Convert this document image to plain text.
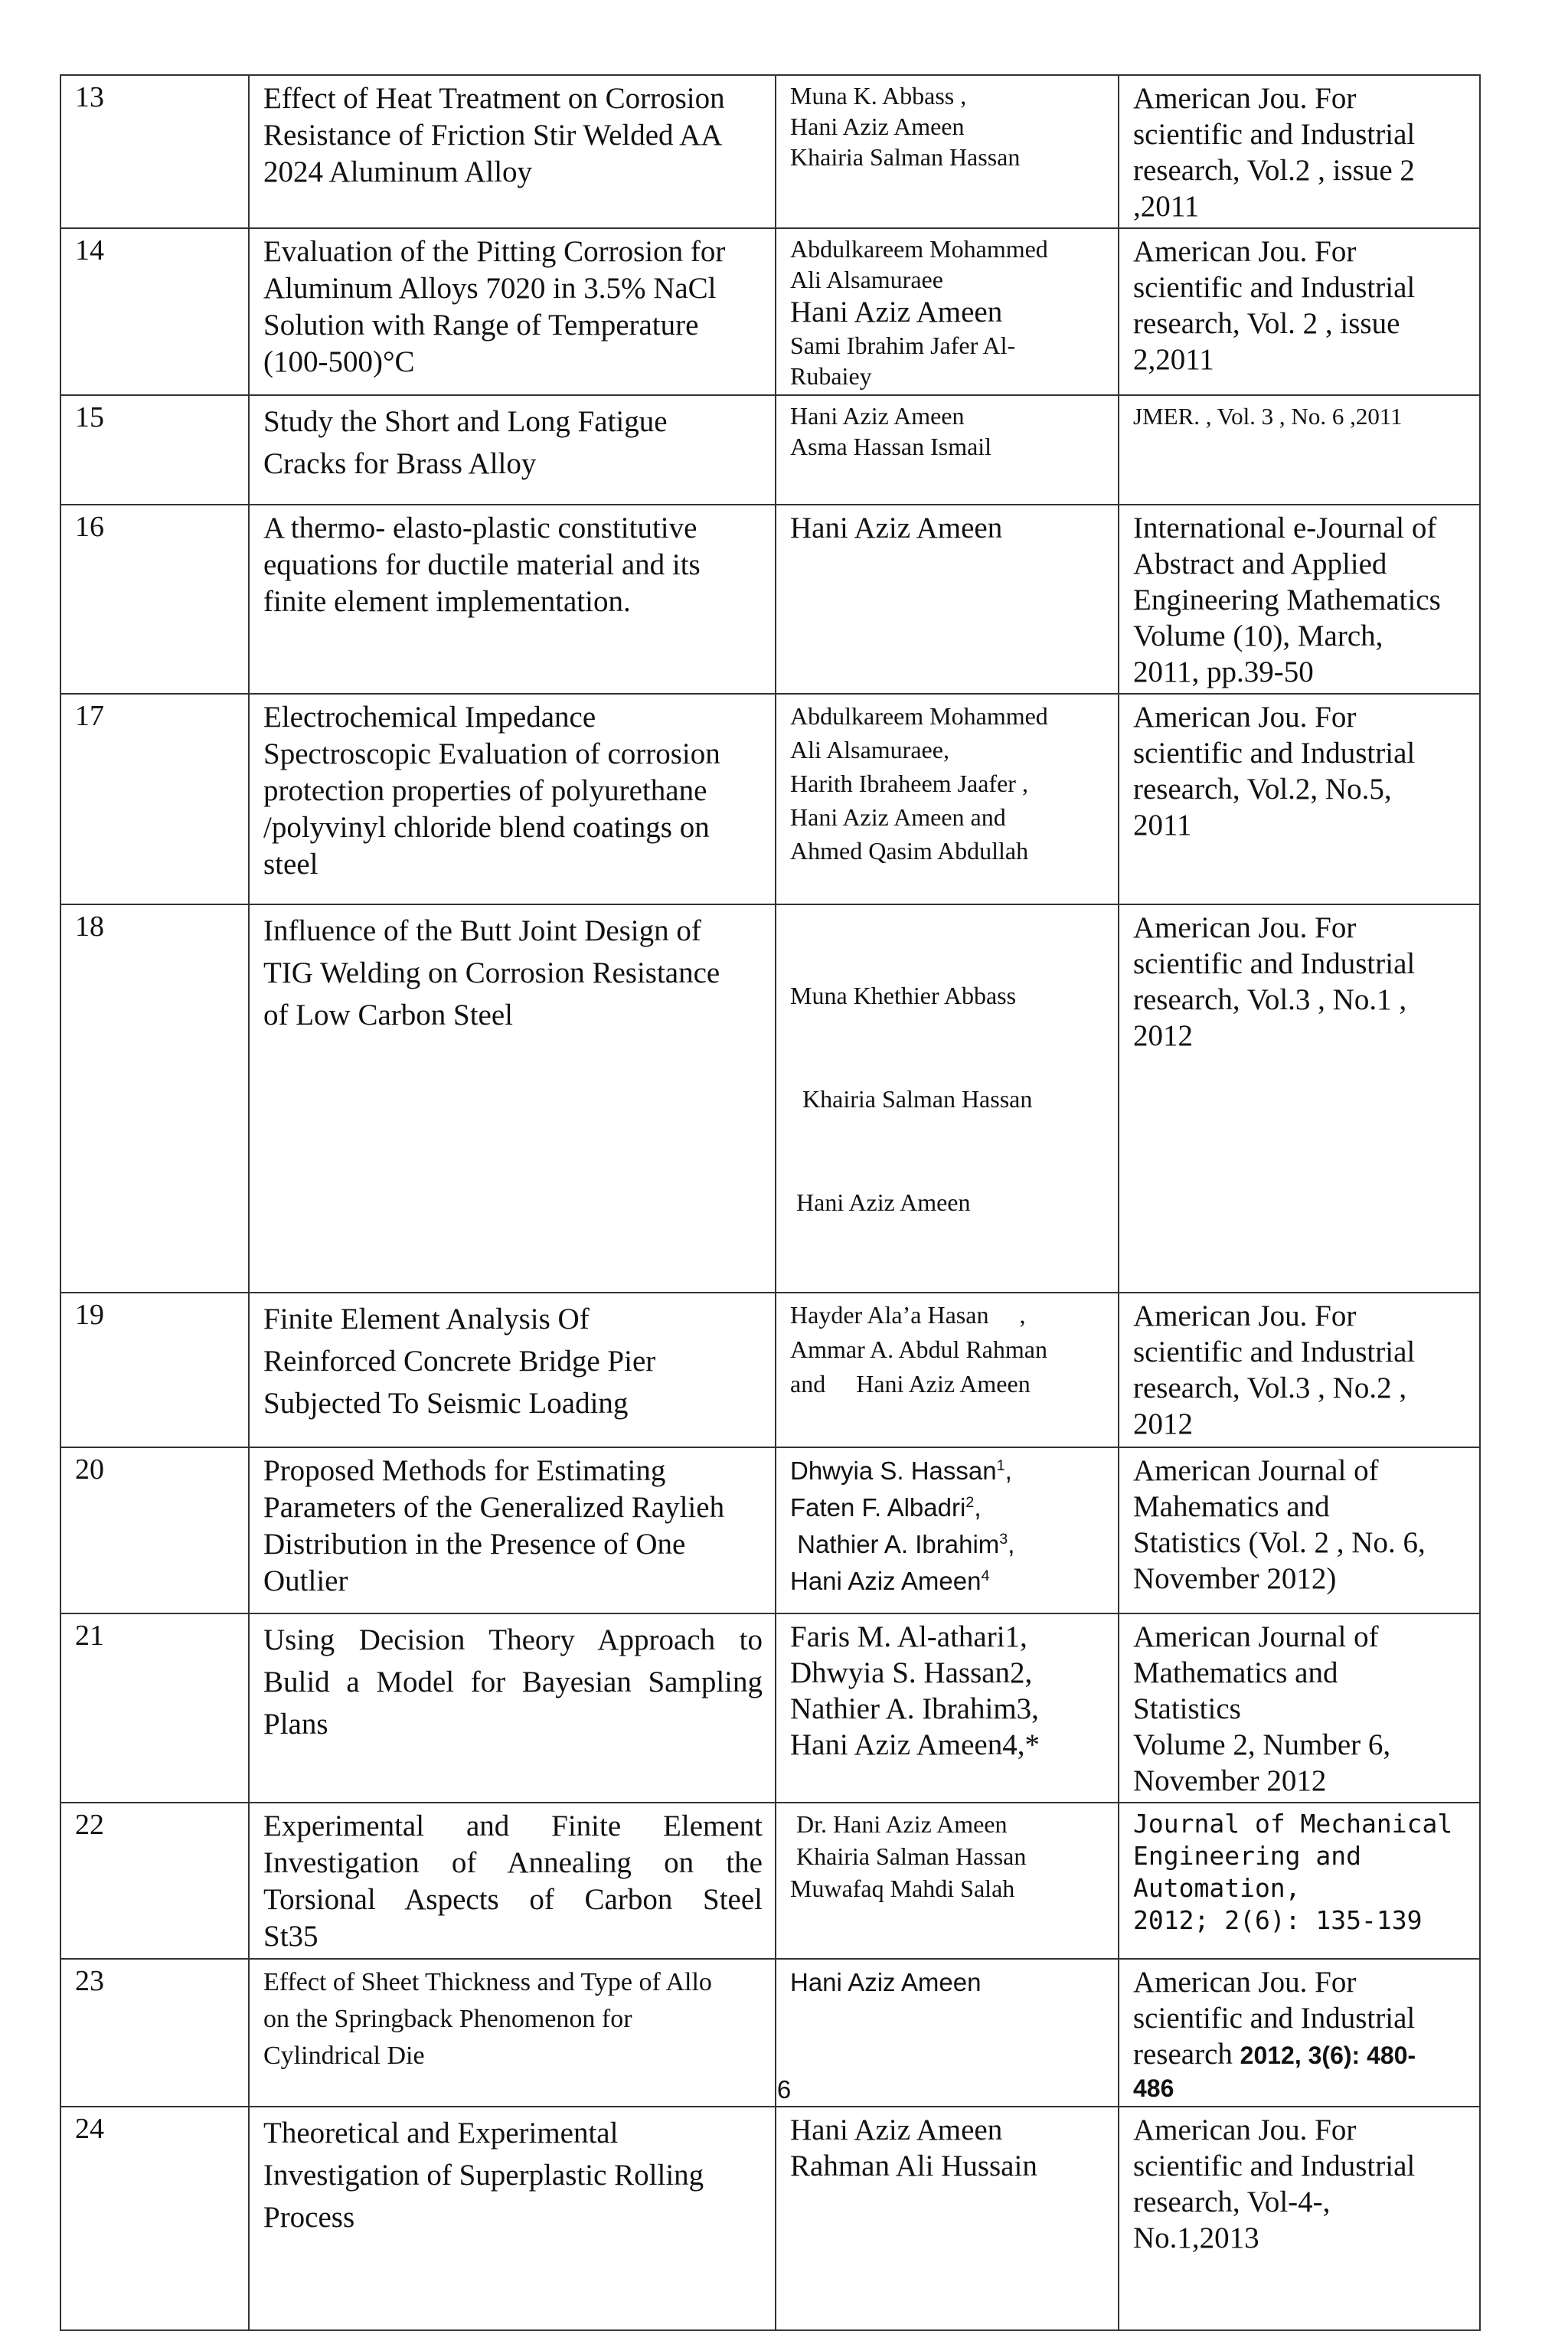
13	Effect of Heat Treatment on Corrosion
Resistance of Friction Stir Welded AA
2024 Aluminum Alloy	Muna K. Abbass ,
Hani Aziz Ameen
Khairia Salman Hassan	American Jou. For
scientific and Industrial
research, Vol.2 , issue 2
,2011

14	Evaluation of the Pitting Corrosion for
Aluminum Alloys 7020 in 3.5% NaCl
Solution with Range of Temperature
(100-500)°C	Abdulkareem Mohammed
Ali Alsamuraee
Hani Aziz Ameen
Sami Ibrahim Jafer Al-
Rubaiey	American Jou. For
scientific and Industrial
research, Vol. 2 , issue
2,2011

15	Study the Short and Long Fatigue
Cracks for Brass Alloy	Hani Aziz Ameen
Asma Hassan Ismail	JMER. , Vol. 3 , No. 6 ,2011

16	A thermo- elasto-plastic constitutive
equations for ductile material and its
finite element implementation.	Hani Aziz Ameen	International e-Journal of
Abstract and Applied
Engineering Mathematics
Volume (10), March,
2011, pp.39-50

17	Electrochemical Impedance
Spectroscopic Evaluation of corrosion
protection properties of polyurethane
/polyvinyl chloride blend coatings on
steel	Abdulkareem Mohammed
Ali Alsamuraee,
Harith Ibraheem Jaafer ,
Hani Aziz Ameen and
Ahmed Qasim Abdullah	American Jou. For
scientific and Industrial
research, Vol.2, No.5,
2011

18	Influence of the Butt Joint Design of
TIG Welding on Corrosion Resistance
of Low Carbon Steel	Muna Khethier Abbass

Khairia Salman Hassan

Hani Aziz Ameen	American Jou. For
scientific and Industrial
research, Vol.3 , No.1 ,
2012

19	Finite Element Analysis Of
Reinforced Concrete Bridge Pier
Subjected To Seismic Loading	Hayder Ala’a Hasan     ,
Ammar A. Abdul Rahman
and     Hani Aziz Ameen	American Jou. For
scientific and Industrial
research, Vol.3 , No.2 ,
2012

20	Proposed Methods for Estimating
Parameters of the Generalized Raylieh
Distribution in the Presence of One
Outlier	Dhwyia S. Hassan$^1$,
Faten F. Albadri$^2$,
Nathier A. Ibrahim$^3$,
Hani Aziz Ameen$^4$	American Journal of
Mahematics and
Statistics (Vol. 2 , No. 6,
November 2012)

21	Using Decision Theory Approach to
Bulid a Model for Bayesian Sampling
Plans	Faris M. Al-athari1,
Dhwyia S. Hassan2,
Nathier A. Ibrahim3,
Hani Aziz Ameen4,*	American Journal of
Mathematics and
Statistics
Volume 2, Number 6,
November 2012

22	Experimental and Finite Element
Investigation of Annealing on the
Torsional Aspects of Carbon Steel
St35	Dr. Hani Aziz Ameen
Khairia Salman Hassan
Muwafaq Mahdi Salah	Journal of Mechanical
Engineering and
Automation,
2012; 2(6): 135-139

23	Effect of Sheet Thickness and Type of Allo
on the Springback Phenomenon for
Cylindrical Die	Hani Aziz Ameen	American Jou. For
scientific and Industrial
research 2012, 3(6): 480-
486

24	Theoretical and Experimental
Investigation of Superplastic Rolling
Process	Hani Aziz Ameen
Rahman Ali Hussain	American Jou. For
scientific and Industrial
research, Vol-4-,
No.1,2013
6
